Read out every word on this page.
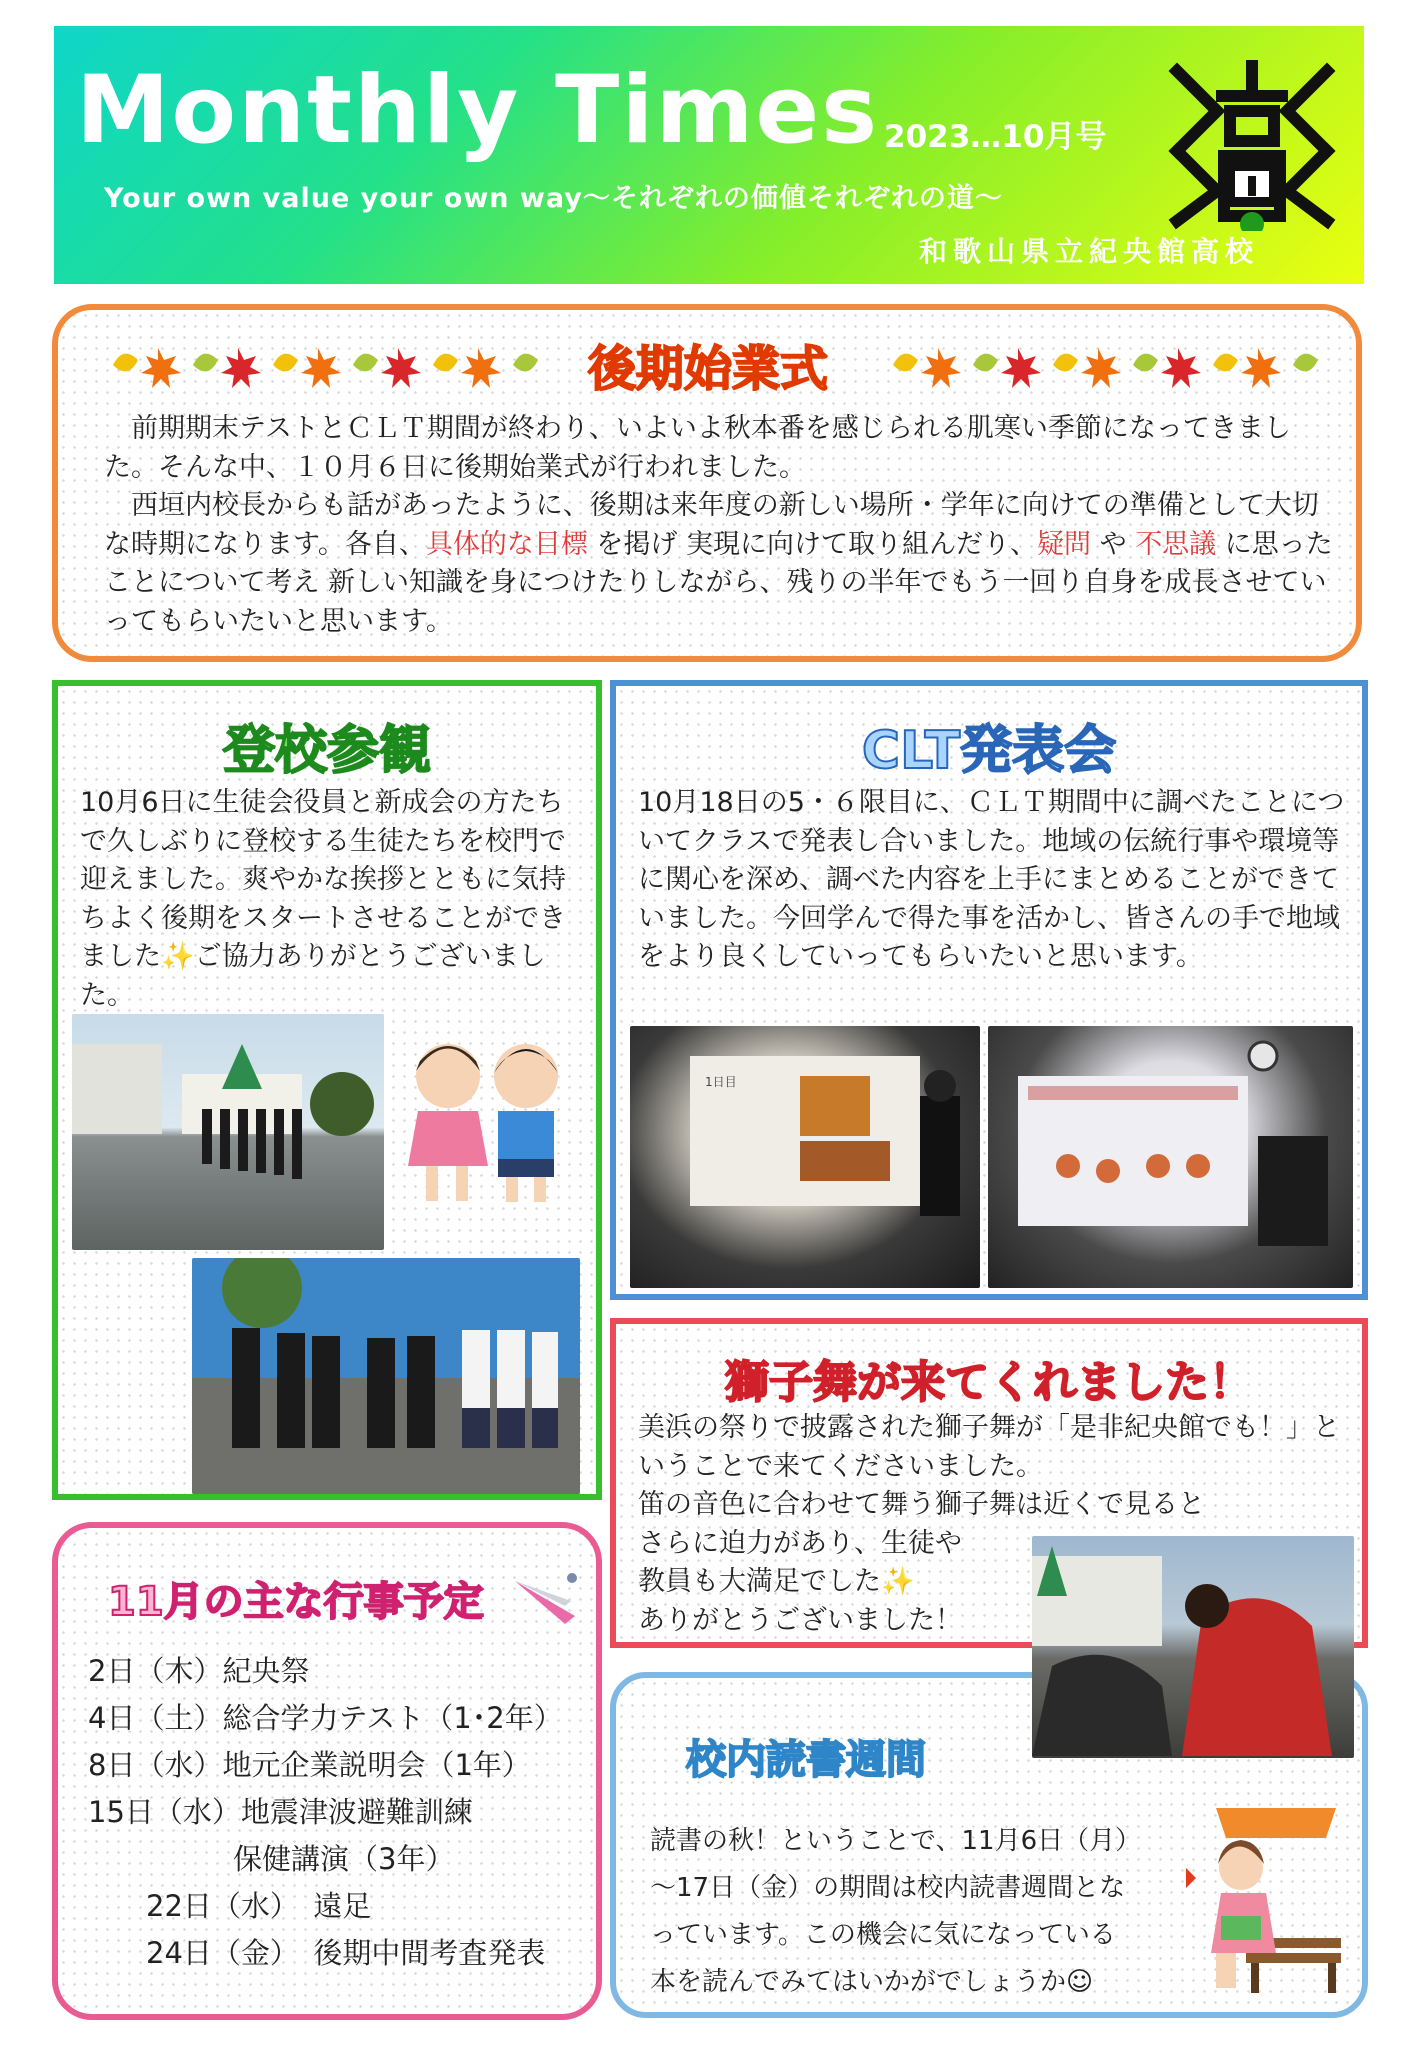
Monthly Times 2023…10月号
Your own value your own way～それぞれの価値それぞれの道～
和歌山県立紀央館高校
後期始業式
前期期末テストとＣＬＴ期間が終わり、いよいよ秋本番を感じられる肌寒い季節になってきました。そんな中、１０月６日に後期始業式が行われました。
西垣内校長からも話があったように、後期は来年度の新しい場所・学年に向けての準備として大切な時期になります。各自、具体的な目標 を掲げ 実現に向けて取り組んだり、疑問 や 不思議 に思ったことについて考え 新しい知識を身につけたりしながら、残りの半年でもう一回り自身を成長させていってもらいたいと思います。
登校参観
10月6日に生徒会役員と新成会の方たちで久しぶりに登校する生徒たちを校門で迎えました。爽やかな挨拶とともに気持ちよく後期をスタートさせることができました✨ご協力ありがとうございました。
CLT発表会
10月18日の5・６限目に、ＣＬＴ期間中に調べたことについてクラスで発表し合いました。地域の伝統行事や環境等に関心を深め、調べた内容を上手にまとめることができていました。今回学んで得た事を活かし、皆さんの手で地域をより良くしていってもらいたいと思います。
1日目
獅子舞が来てくれました！
美浜の祭りで披露された獅子舞が「是非紀央館でも！」ということで来てくださいました。
笛の音色に合わせて舞う獅子舞は近くで見ると
さらに迫力があり、生徒や
教員も大満足でした✨
ありがとうございました！
校内読書週間
読書の秋！ということで、11月6日（月）
～17日（金）の期間は校内読書週間とな
っています。この機会に気になっている
本を読んでみてはいかがでしょうか☺
11月の主な行事予定
2日（木）紀央祭
4日（土）総合学力テスト（1･2年）
8日（水）地元企業説明会（1年）
15日（水）地震津波避難訓練
　　　　　保健講演（3年）
　　22日（水）　遠足
　　24日（金）　後期中間考査発表
